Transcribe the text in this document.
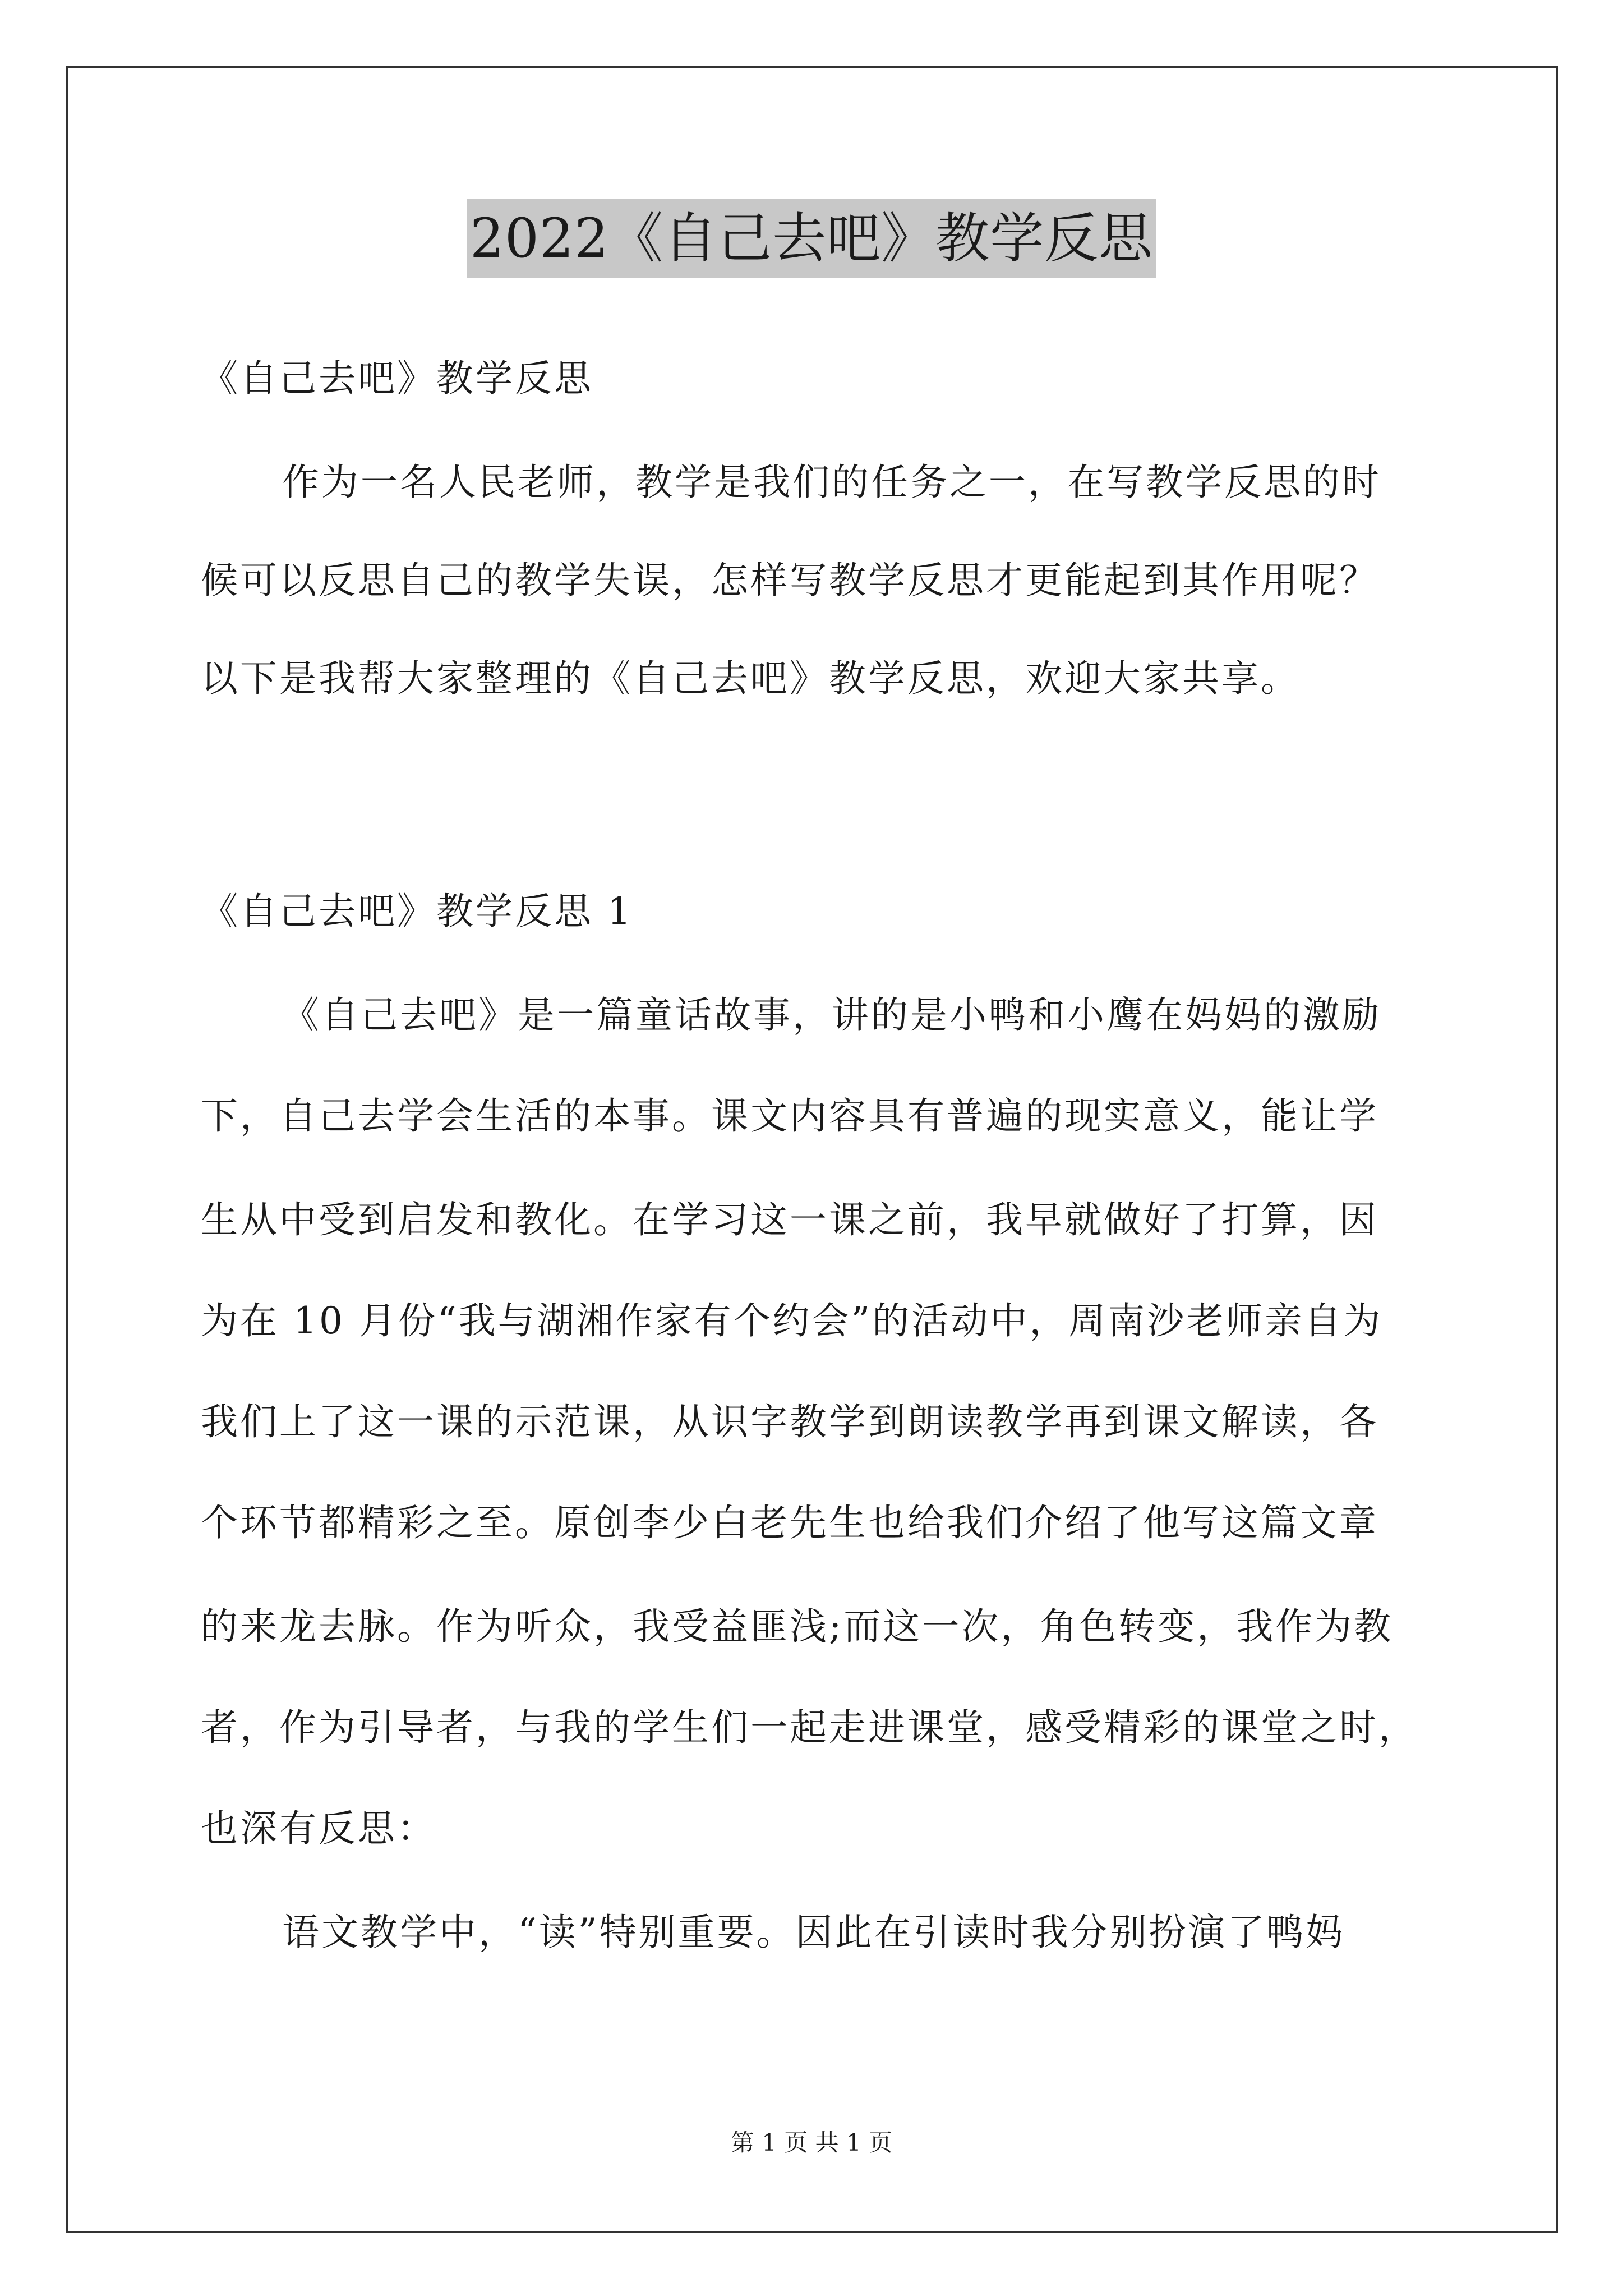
2022《自己去吧》教学反思
《自己去吧》教学反思
作为一名人民老师，教学是我们的任务之一，在写教学反思的时
候可以反思自己的教学失误，怎样写教学反思才更能起到其作用呢？
以下是我帮大家整理的《自己去吧》教学反思，欢迎大家共享。
《自己去吧》教学反思 1
《自己去吧》是一篇童话故事，讲的是小鸭和小鹰在妈妈的激励
下，自己去学会生活的本事。课文内容具有普遍的现实意义，能让学
生从中受到启发和教化。在学习这一课之前，我早就做好了打算，因
为在 10 月份“我与湖湘作家有个约会”的活动中，周南沙老师亲自为
我们上了这一课的示范课，从识字教学到朗读教学再到课文解读，各
个环节都精彩之至。原创李少白老先生也给我们介绍了他写这篇文章
的来龙去脉。作为听众，我受益匪浅;而这一次，角色转变，我作为教
者，作为引导者，与我的学生们一起走进课堂，感受精彩的课堂之时，
也深有反思：
语文教学中，“读”特别重要。因此在引读时我分别扮演了鸭妈
第 1 页 共 1 页
